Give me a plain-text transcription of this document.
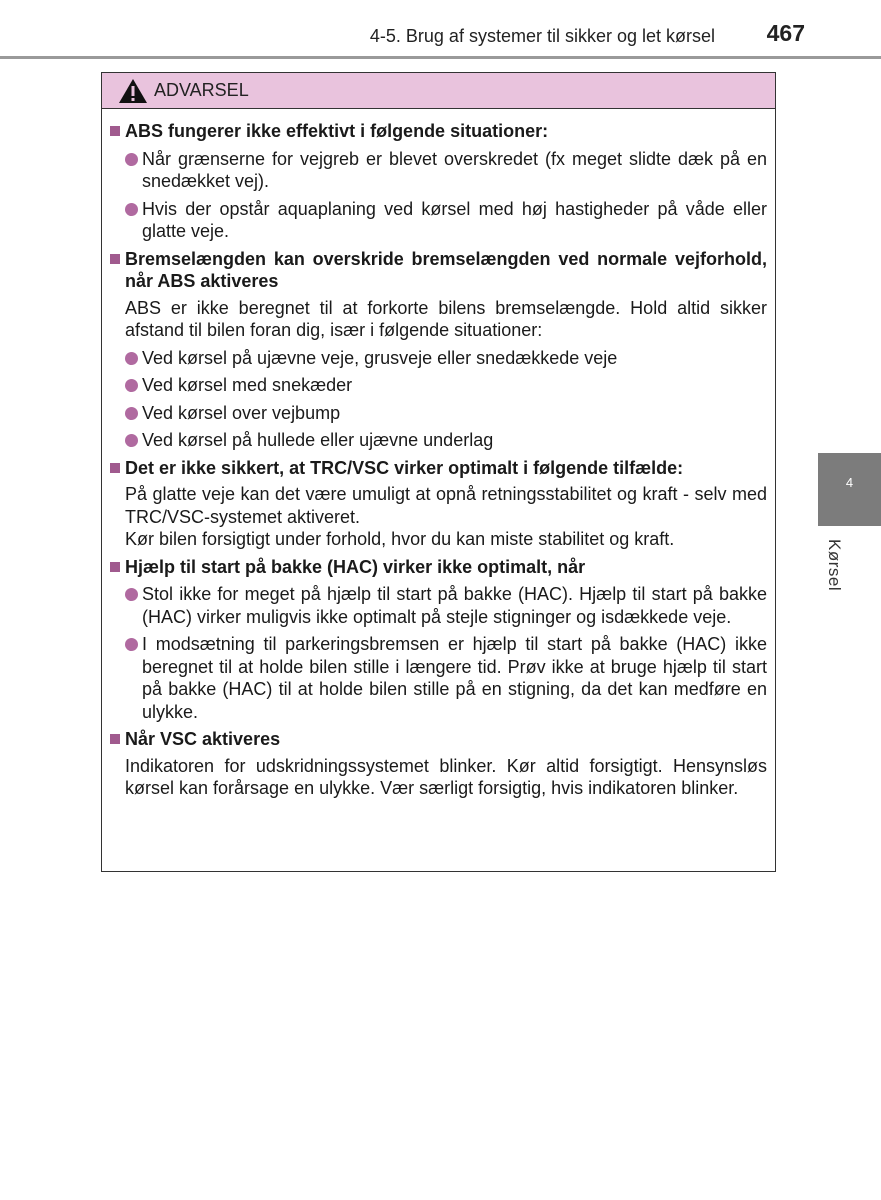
4-5. Brug af systemer til sikker og let kørsel 467
ADVARSEL
ABS fungerer ikke effektivt i følgende situationer:
Når grænserne for vejgreb er blevet overskredet (fx meget slidte dæk på en snedækket vej).
Hvis der opstår aquaplaning ved kørsel med høj hastigheder på våde eller glatte veje.
Bremselængden kan overskride bremselængden ved normale vejforhold, når ABS aktiveres
ABS er ikke beregnet til at forkorte bilens bremselængde. Hold altid sikker afstand til bilen foran dig, især i følgende situationer:
Ved kørsel på ujævne veje, grusveje eller snedækkede veje
Ved kørsel med snekæder
Ved kørsel over vejbump
Ved kørsel på hullede eller ujævne underlag
Det er ikke sikkert, at TRC/VSC virker optimalt i følgende tilfælde:
På glatte veje kan det være umuligt at opnå retningsstabilitet og kraft - selv med TRC/VSC-systemet aktiveret.
Kør bilen forsigtigt under forhold, hvor du kan miste stabilitet og kraft.
Hjælp til start på bakke (HAC) virker ikke optimalt, når
Stol ikke for meget på hjælp til start på bakke (HAC). Hjælp til start på bakke (HAC) virker muligvis ikke optimalt på stejle stigninger og isdækkede veje.
I modsætning til parkeringsbremsen er hjælp til start på bakke (HAC) ikke beregnet til at holde bilen stille i længere tid. Prøv ikke at bruge hjælp til start på bakke (HAC) til at holde bilen stille på en stigning, da det kan medføre en ulykke.
Når VSC aktiveres
Indikatoren for udskridningssystemet blinker. Kør altid forsigtigt. Hensynsløs kørsel kan forårsage en ulykke. Vær særligt forsigtig, hvis indikatoren blinker.
4
Kørsel
